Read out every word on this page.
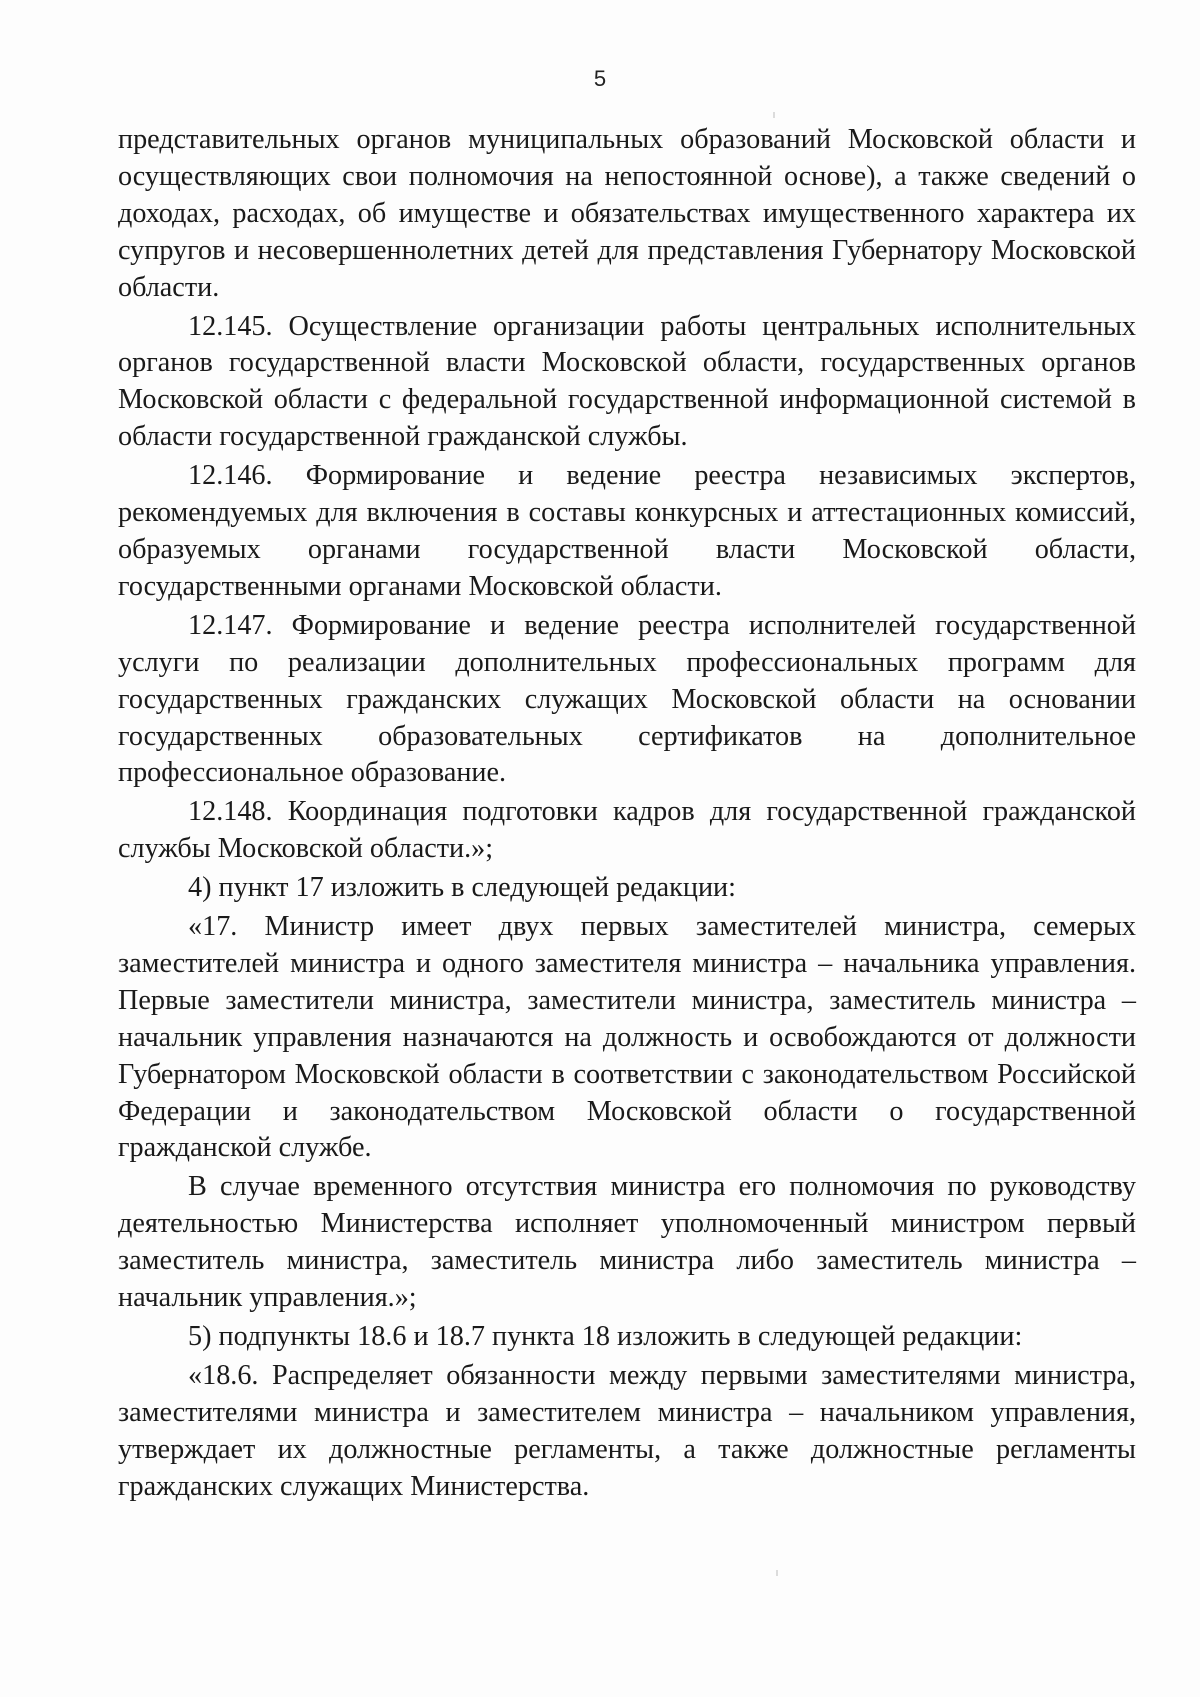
5

представительных органов муниципальных образований Московской области и осуществляющих свои полномочия на непостоянной основе), а также сведений о доходах, расходах, об имуществе и обязательствах имущественного характера их супругов и несовершеннолетних детей для представления Губернатору Московской области.

12.145. Осуществление организации работы центральных исполнительных органов государственной власти Московской области, государственных органов Московской области с федеральной государственной информационной системой в области государственной гражданской службы.

12.146. Формирование и ведение реестра независимых экспертов, рекомендуемых для включения в составы конкурсных и аттестационных комиссий, образуемых органами государственной власти Московской области, государственными органами Московской области.

12.147. Формирование и ведение реестра исполнителей государственной услуги по реализации дополнительных профессиональных программ для государственных гражданских служащих Московской области на основании государственных образовательных сертификатов на дополнительное профессиональное образование.

12.148. Координация подготовки кадров для государственной гражданской службы Московской области.»;

4) пункт 17 изложить в следующей редакции:

«17. Министр имеет двух первых заместителей министра, семерых заместителей министра и одного заместителя министра – начальника управления. Первые заместители министра, заместители министра, заместитель министра – начальник управления назначаются на должность и освобождаются от должности Губернатором Московской области в соответствии с законодательством Российской Федерации и законодательством Московской области о государственной гражданской службе.

В случае временного отсутствия министра его полномочия по руководству деятельностью Министерства исполняет уполномоченный министром первый заместитель министра, заместитель министра либо заместитель министра – начальник управления.»;

5) подпункты 18.6 и 18.7 пункта 18 изложить в следующей редакции:

«18.6. Распределяет обязанности между первыми заместителями министра, заместителями министра и заместителем министра – начальником управления, утверждает их должностные регламенты, а также должностные регламенты гражданских служащих Министерства.
